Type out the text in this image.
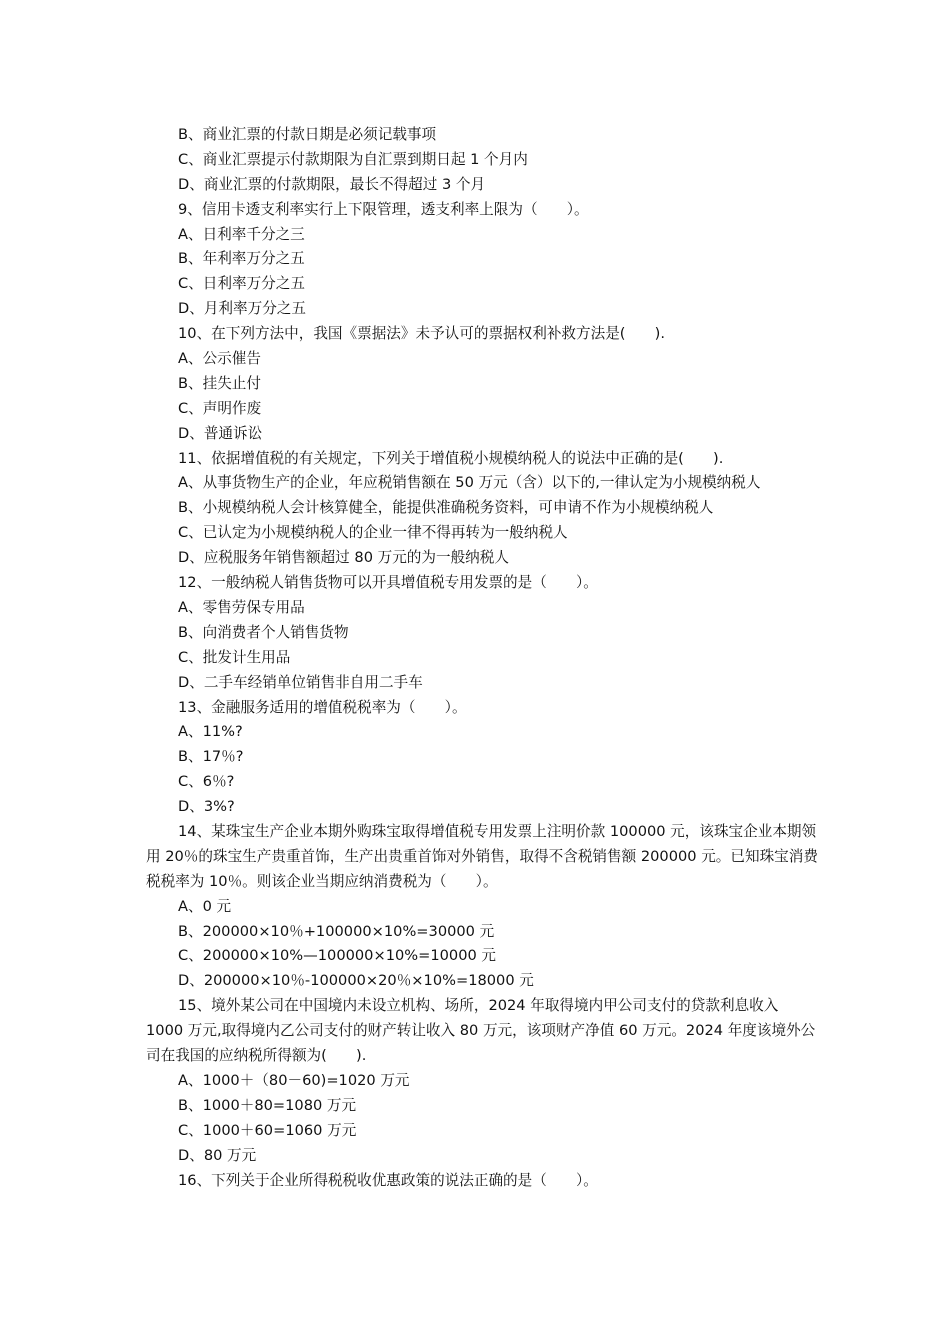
B、商业汇票的付款日期是必须记载事项
C、商业汇票提示付款期限为自汇票到期日起 1 个月内
D、商业汇票的付款期限，最长不得超过 3 个月
9、信用卡透支利率实行上下限管理，透支利率上限为（　　）。
A、日利率千分之三
B、年利率万分之五
C、日利率万分之五
D、月利率万分之五
10、在下列方法中，我国《票据法》未予认可的票据权利补救方法是(　　).
A、公示催告
B、挂失止付
C、声明作废
D、普通诉讼
11、依据增值税的有关规定，下列关于增值税小规模纳税人的说法中正确的是(　　).
A、从事货物生产的企业，年应税销售额在 50 万元（含）以下的,一律认定为小规模纳税人
B、小规模纳税人会计核算健全，能提供准确税务资料，可申请不作为小规模纳税人
C、已认定为小规模纳税人的企业一律不得再转为一般纳税人
D、应税服务年销售额超过 80 万元的为一般纳税人
12、一般纳税人销售货物可以开具增值税专用发票的是（　　）。
A、零售劳保专用品
B、向消费者个人销售货物
C、批发计生用品
D、二手车经销单位销售非自用二手车
13、金融服务适用的增值税税率为（　　）。
A、11%?
B、17％?
C、6％?
D、3%?
14、某珠宝生产企业本期外购珠宝取得增值税专用发票上注明价款 100000 元，该珠宝企业本期领用 20％的珠宝生产贵重首饰，生产出贵重首饰对外销售，取得不含税销售额 200000 元。已知珠宝消费税税率为 10％。则该企业当期应纳消费税为（　　）。
A、0 元
B、200000×10％+100000×10%=30000 元
C、200000×10%—100000×10%=10000 元
D、200000×10％-100000×20％×10%=18000 元
15、境外某公司在中国境内未设立机构、场所，2024 年取得境内甲公司支付的贷款利息收入 1000 万元,取得境内乙公司支付的财产转让收入 80 万元，该项财产净值 60 万元。2024 年度该境外公司在我国的应纳税所得额为(　　).
A、1000＋（80－60)=1020 万元
B、1000＋80=1080 万元
C、1000＋60=1060 万元
D、80 万元
16、下列关于企业所得税税收优惠政策的说法正确的是（　　）。
